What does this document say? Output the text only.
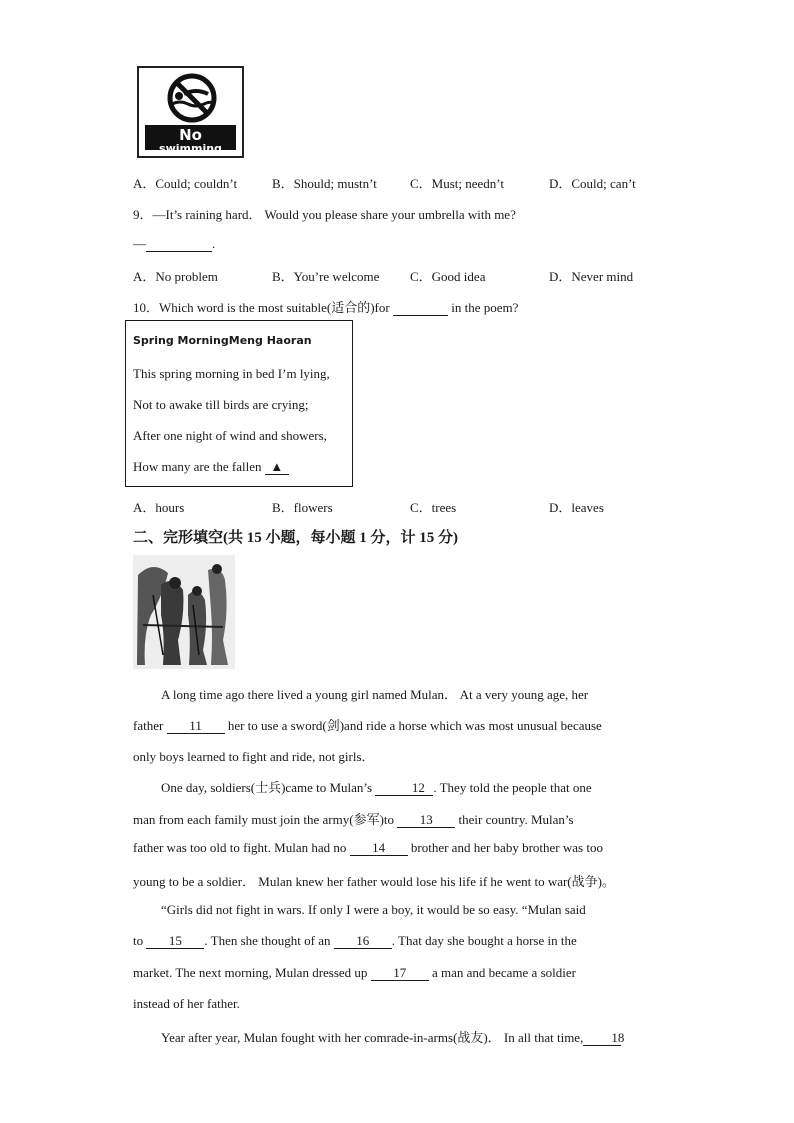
No
swimming
A．Could; couldn’t	B．Should; mustn’t	C．Must; needn’t	D．Could; can’t
9．—It’s raining hard． Would you please share your umbrella with me?
—	.
A．No problem	B．You’re welcome C．Good idea	D．Never mind
10．Which word is the most suitable(适合的)for	in the poem?
Spring MorningMeng Haoran
This spring morning in bed I’m lying,
Not to awake till birds are crying;
After one night of wind and showers,
How many are the fallen ▲
A．hours	B．flowers	C．trees	D．leaves
二、完形填空(共 15 小题，每小题 1 分，计 15 分)
A long time ago there lived a young girl named Mulan． At a very young age, her
father 11 her to use a sword(剑)and ride a horse which was most unusual because
only boys learned to fight and ride, not girls．
One day, soldiers(士兵)came to Mulan’s	12 . They told the people that one
man from each family must join the army(参军)to 13 their country. Mulan’s
father was too old to fight. Mulan had no 14 brother and her baby brother was too
young to be a soldier． Mulan knew her father would lose his life if he went to war(战争)。
“Girls did not fight in wars. If only I were a boy, it would be so easy. “Mulan said
to 15 . Then she thought of an 16 . That day she bought a horse in the
market. The next morning, Mulan dressed up 17 a man and became a soldier
instead of her father.
Year after year, Mulan fought with her comrade-in-arms(战友)． In all that time, 18
